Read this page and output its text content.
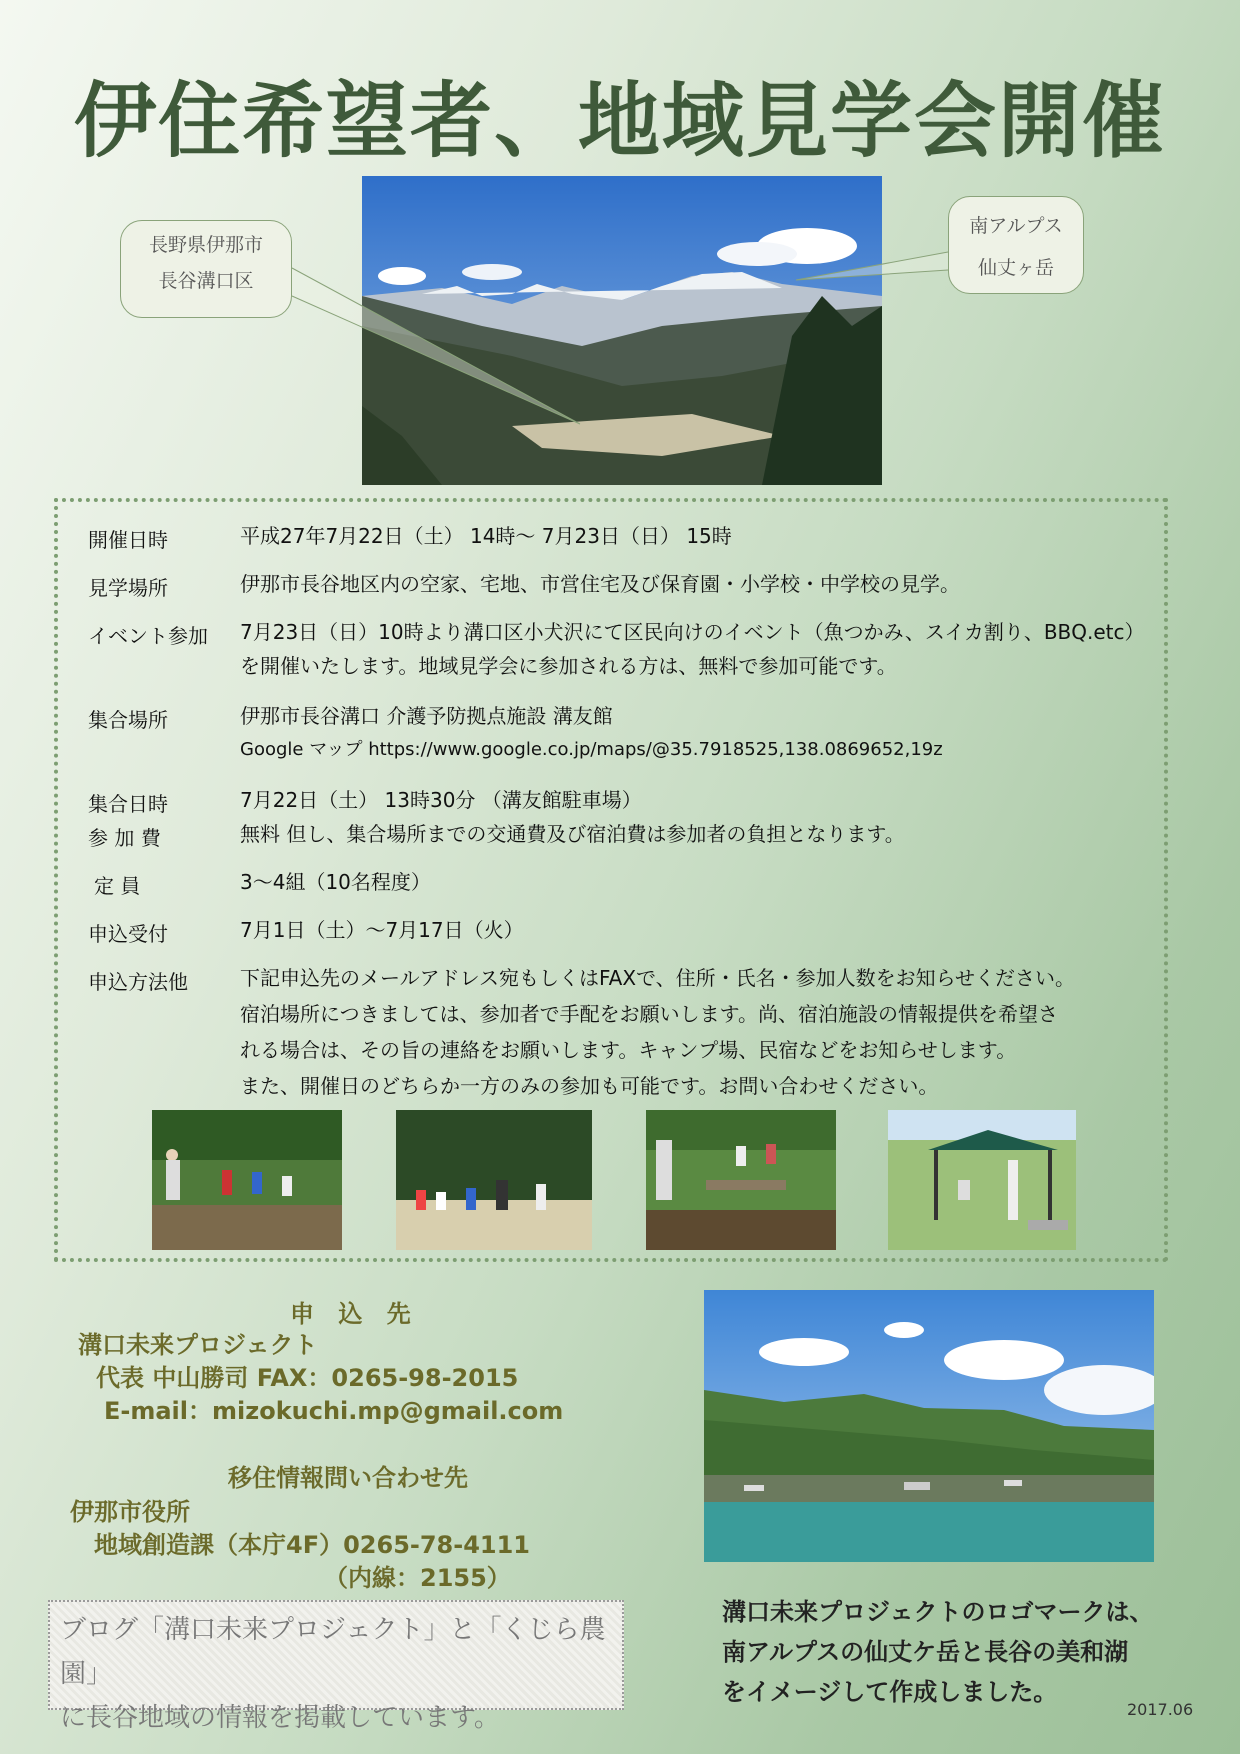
伊住希望者、地域見学会開催
長野県伊那市
長谷溝口区
南アルプス
仙丈ヶ岳
開催日時	平成27年7月22日（土） 14時～ 7月23日（日） 15時
見学場所	伊那市長谷地区内の空家、宅地、市営住宅及び保育園・小学校・中学校の見学。
イベント参加 7月23日（日）10時より溝口区小犬沢にて区民向けのイベント（魚つかみ、スイカ割り、BBQ.etc）
を開催いたします。地域見学会に参加される方は、無料で参加可能です。
集合場所	伊那市長谷溝口 介護予防拠点施設 溝友館
Google マップ https://www.google.co.jp/maps/@35.7918525,138.0869652,19z
集合日時	7月22日（土） 13時30分 （溝友館駐車場）
参 加 費	無料 但し、集合場所までの交通費及び宿泊費は参加者の負担となります。
定 員	3～4組（10名程度）
申込受付	7月1日（土）～7月17日（火）
申込方法他	下記申込先のメールアドレス宛もしくはFAXで、住所・氏名・参加人数をお知らせください。
宿泊場所につきましては、参加者で手配をお願いします。尚、宿泊施設の情報提供を希望さ
れる場合は、その旨の連絡をお願いします。キャンプ場、民宿などをお知らせします。
また、開催日のどちらか一方のみの参加も可能です。お問い合わせください。
申 込 先
溝口未来プロジェクト
代表 中山勝司 FAX：0265-98-2015
E-mail：mizokuchi.mp@gmail.com
移住情報問い合わせ先
伊那市役所
地域創造課（本庁4F）0265-78-4111
（内線：2155）
ブログ「溝口未来プロジェクト」と「くじら農園」
に長谷地域の情報を掲載しています。
溝口未来プロジェクトのロゴマークは、
南アルプスの仙丈ケ岳と長谷の美和湖
をイメージして作成しました。
2017.06
